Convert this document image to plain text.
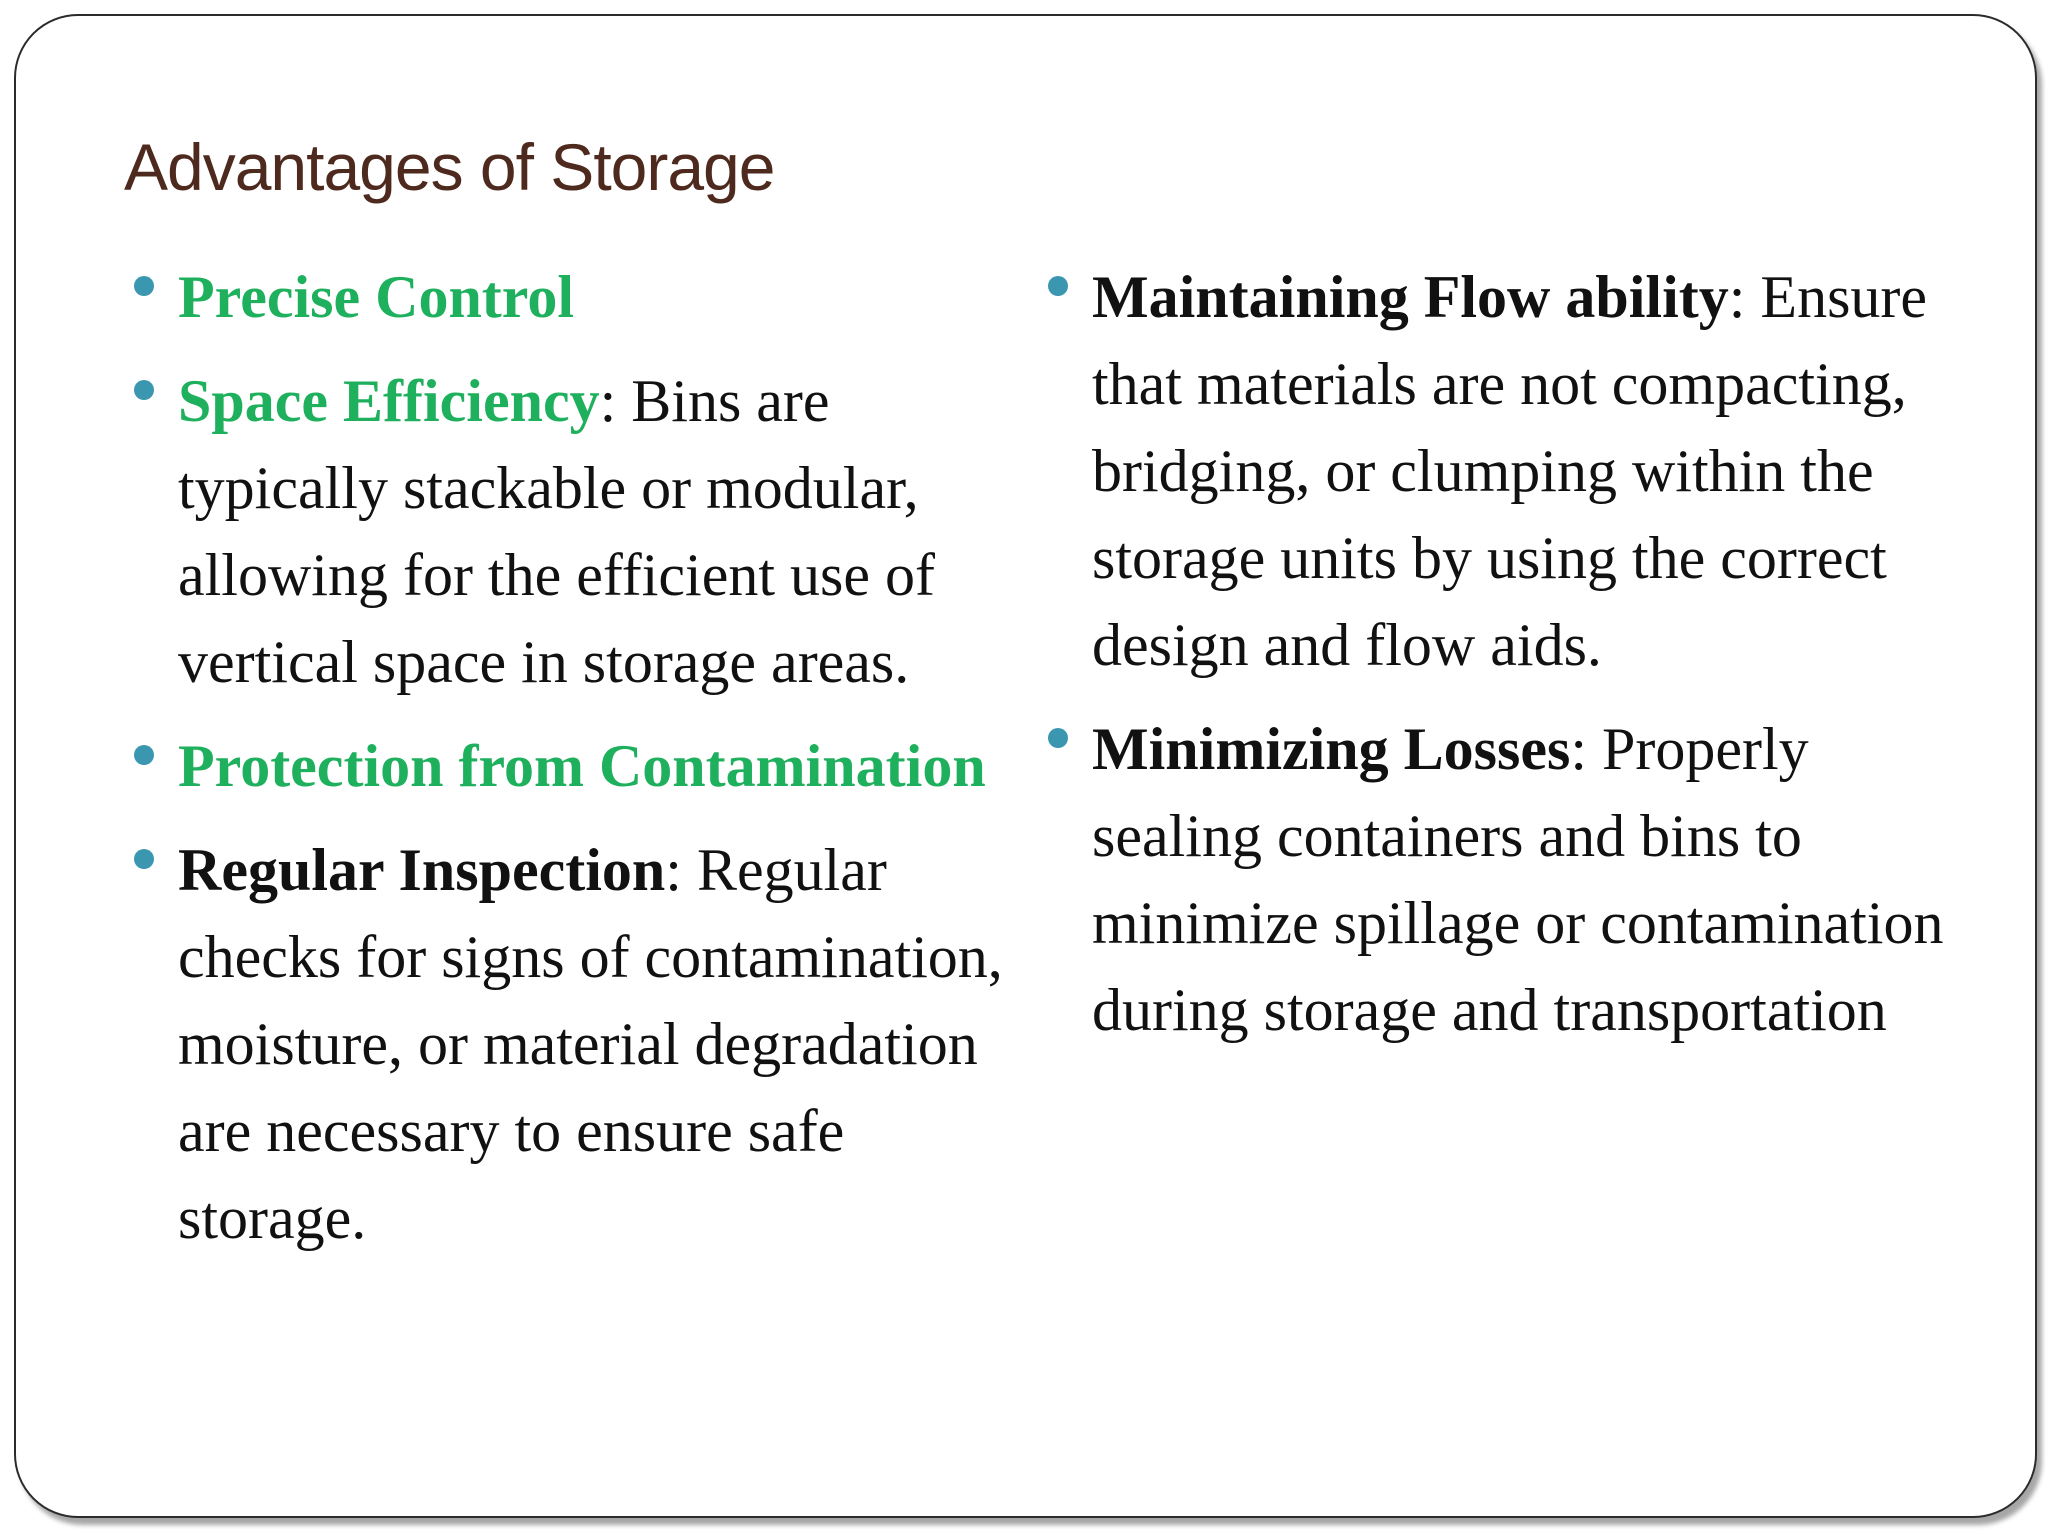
Advantages of Storage
Precise Control
Space Efficiency: Bins are typically stackable or modular, allowing for the efficient use of vertical space in storage areas.
Protection from Contamination
Regular Inspection: Regular checks for signs of contamination, moisture, or material degradation are necessary to ensure safe storage.
Maintaining Flow ability: Ensure that materials are not compacting, bridging, or clumping within the storage units by using the correct design and flow aids.
Minimizing Losses: Properly sealing containers and bins to minimize spillage or contamination during storage and transportation
